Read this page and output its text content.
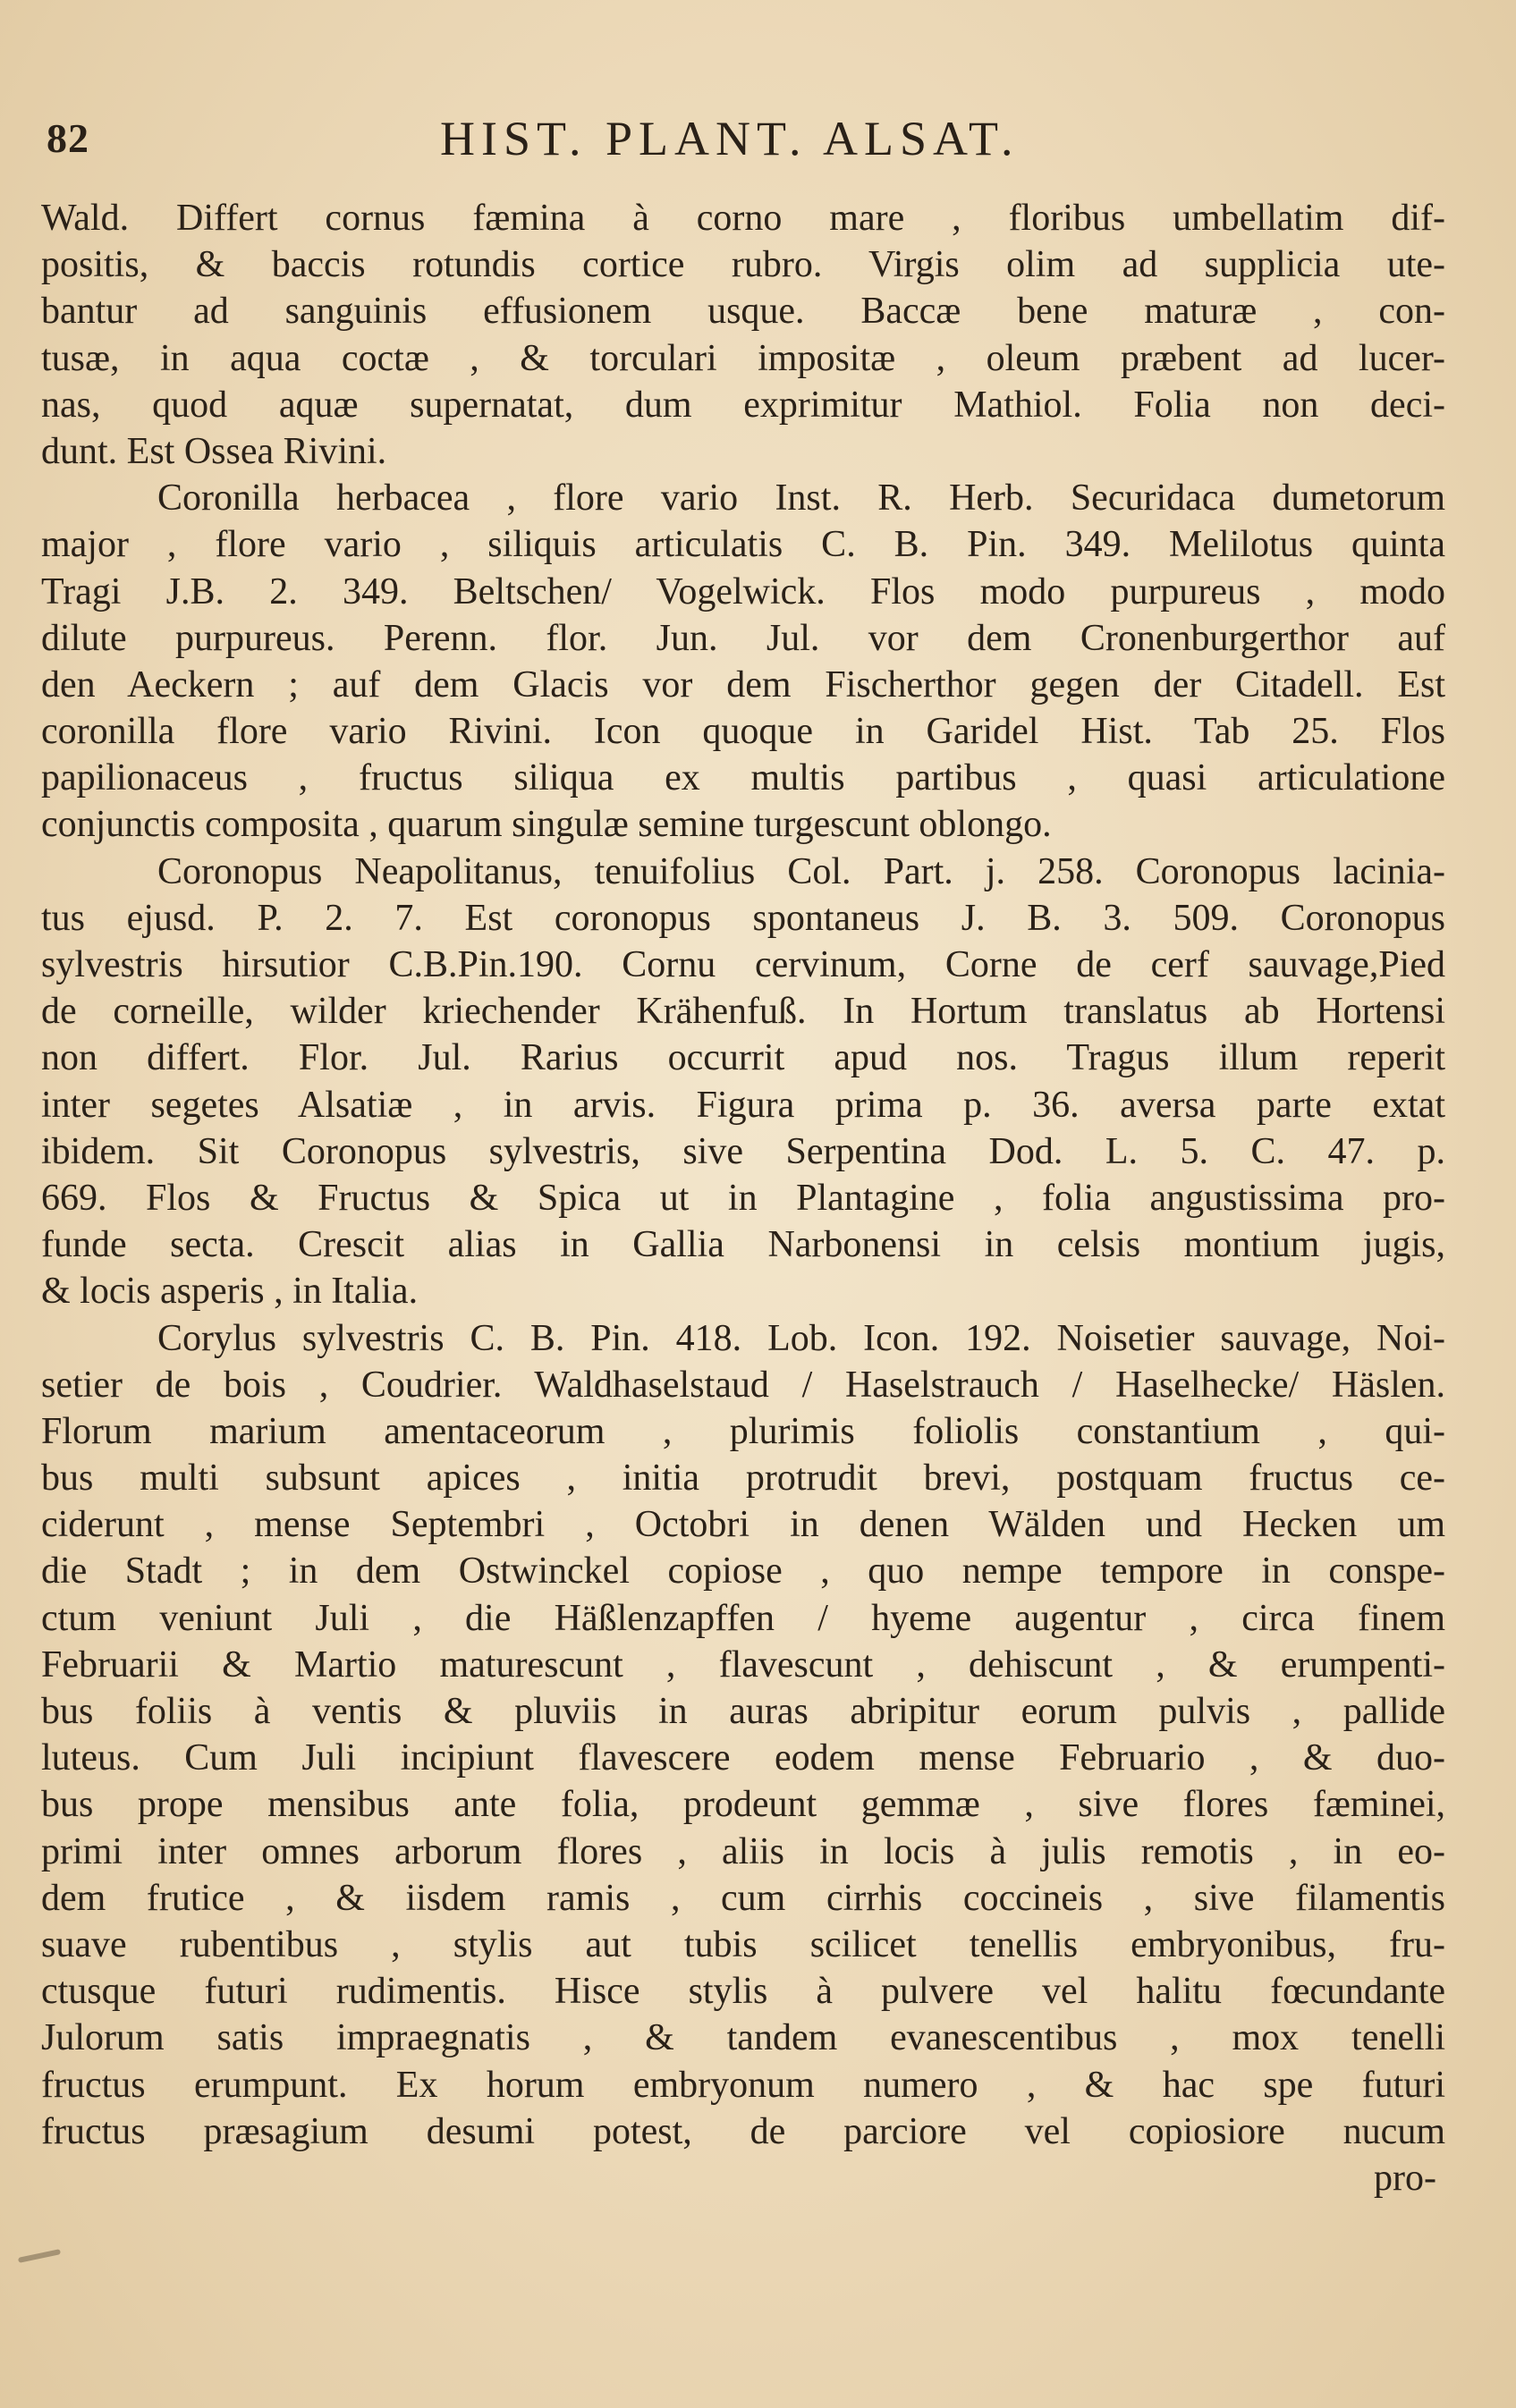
82	HIST. PLANT. ALSAT.
Wald. Differt cornus fæmina à corno mare , floribus umbellatim dif-
positis, & baccis rotundis cortice rubro. Virgis olim ad supplicia ute-
bantur ad sanguinis effusionem usque. Baccæ bene maturæ , con-
tusæ, in aqua coctæ , & torculari impositæ , oleum præbent ad lucer-
nas, quod aquæ supernatat, dum exprimitur Mathiol. Folia non deci-
dunt. Est Ossea Rivini.
Coronilla herbacea , flore vario Inst. R. Herb. Securidaca dumetorum
major , flore vario , siliquis articulatis C. B. Pin. 349. Melilotus quinta
Tragi J.B. 2. 349. Beltschen/ Vogelwick. Flos modo purpureus , modo
dilute purpureus. Perenn. flor. Jun. Jul. vor dem Cronenburgerthor auf
den Aeckern ; auf dem Glacis vor dem Fischerthor gegen der Citadell. Est
coronilla flore vario Rivini. Icon quoque in Garidel Hist. Tab 25. Flos
papilionaceus , fructus siliqua ex multis partibus , quasi articulatione
conjunctis composita , quarum singulæ semine turgescunt oblongo.
Coronopus Neapolitanus, tenuifolius Col. Part. j. 258. Coronopus lacinia-
tus ejusd. P. 2. 7. Est coronopus spontaneus J. B. 3. 509. Coronopus
sylvestris hirsutior C.B.Pin.190. Cornu cervinum, Corne de cerf sauvage,Pied
de corneille, wilder kriechender Krähenfuß. In Hortum translatus ab Hortensi
non differt. Flor. Jul. Rarius occurrit apud nos. Tragus illum reperit
inter segetes Alsatiæ , in arvis. Figura prima p. 36. aversa parte extat
ibidem. Sit Coronopus sylvestris, sive Serpentina Dod. L. 5. C. 47. p.
669. Flos & Fructus & Spica ut in Plantagine , folia angustissima pro-
funde secta. Crescit alias in Gallia Narbonensi in celsis montium jugis,
& locis asperis , in Italia.
Corylus sylvestris C. B. Pin. 418. Lob. Icon. 192. Noisetier sauvage, Noi-
setier de bois , Coudrier. Waldhaselstaud / Haselstrauch / Haselhecke/ Häslen.
Florum marium amentaceorum , plurimis foliolis constantium , qui-
bus multi subsunt apices , initia protrudit brevi, postquam fructus ce-
ciderunt , mense Septembri , Octobri in denen Wälden und Hecken um
die Stadt ; in dem Ostwinckel copiose , quo nempe tempore in conspe-
ctum veniunt Juli , die Häßlenzapffen / hyeme augentur , circa finem
Februarii & Martio maturescunt , flavescunt , dehiscunt , & erumpenti-
bus foliis à ventis & pluviis in auras abripitur eorum pulvis , pallide
luteus. Cum Juli incipiunt flavescere eodem mense Februario , & duo-
bus prope mensibus ante folia, prodeunt gemmæ , sive flores fæminei,
primi inter omnes arborum flores , aliis in locis à julis remotis , in eo-
dem frutice , & iisdem ramis , cum cirrhis coccineis , sive filamentis
suave rubentibus , stylis aut tubis scilicet tenellis embryonibus, fru-
ctusque futuri rudimentis. Hisce stylis à pulvere vel halitu fœcundante
Julorum satis impraegnatis , & tandem evanescentibus , mox tenelli
fructus erumpunt. Ex horum embryonum numero , & hac spe futuri
fructus præsagium desumi potest, de parciore vel copiosiore nucum
pro-
